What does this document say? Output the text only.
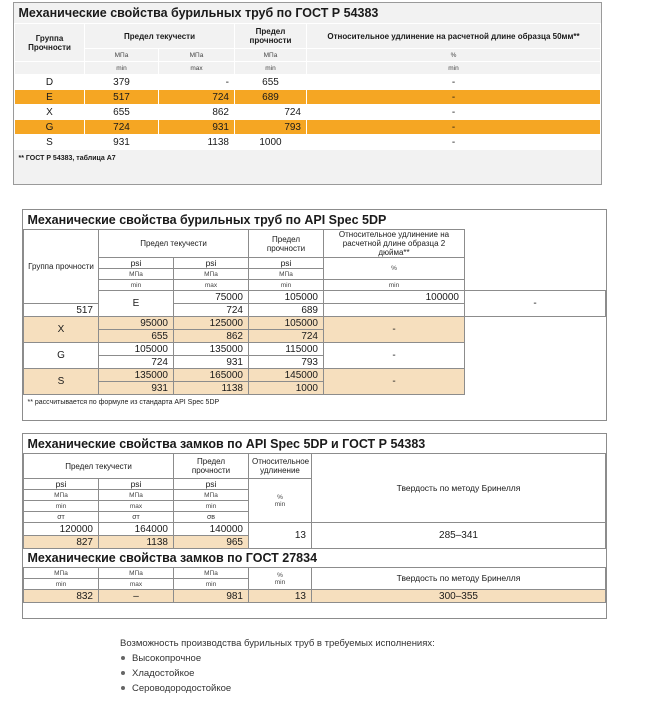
Механические свойства бурильных труб по ГОСТ Р 54383				
Группа Прочности	Предел текучести		Предел прочности	Относительное удлинение на расчетной длине образца 50мм**
	МПа	МПа	МПа	%
	min	max	min	min
D	379	-	655	-
E	517	724	689	-
X	655	862	724	-
G	724	931	793	-
S	931	1138	1000	-
** ГОСТ Р 54383, таблица А7				
Механические свойства бурильных труб по API Spec 5DP					
Группа прочности	Предел текучести		Предел прочности	Относительное удлинение на расчетной длине образца 2 дюйма**	
	psi	psi	psi	%	
	МПа	МПа	МПа		
	min	max	min	min	
	E	75000	105000	100000	-
517		724	689		
X	95000	125000	105000	-	
	655	862	724		
G	105000	135000	115000	-	
	724	931	793		
S	135000	165000	145000	-	
	931	1138	1000		
** рассчитывается по формуле из стандарта API Spec 5DP					
Механические свойства замков по API Spec 5DP и ГОСТ Р 54383				
Предел текучести		Предел прочности	Относительное удлинение	Твердость по методу Бринелля
psi	psi	psi	%
min	
МПа	МПа	МПа		
min	max	min		
σт	σт	σв		
120000	164000	140000	13	285–341
827	1138	965		
Механические свойства замков по ГОСТ 27834				
МПа	МПа	МПа	%
min	Твердость по методу Бринелля
min	max	min		
832	–	981	13	300–355
Возможность производства бурильных труб в требуемых исполнениях:
Высокопрочное
Хладостойкое
Сероводородостойкое
